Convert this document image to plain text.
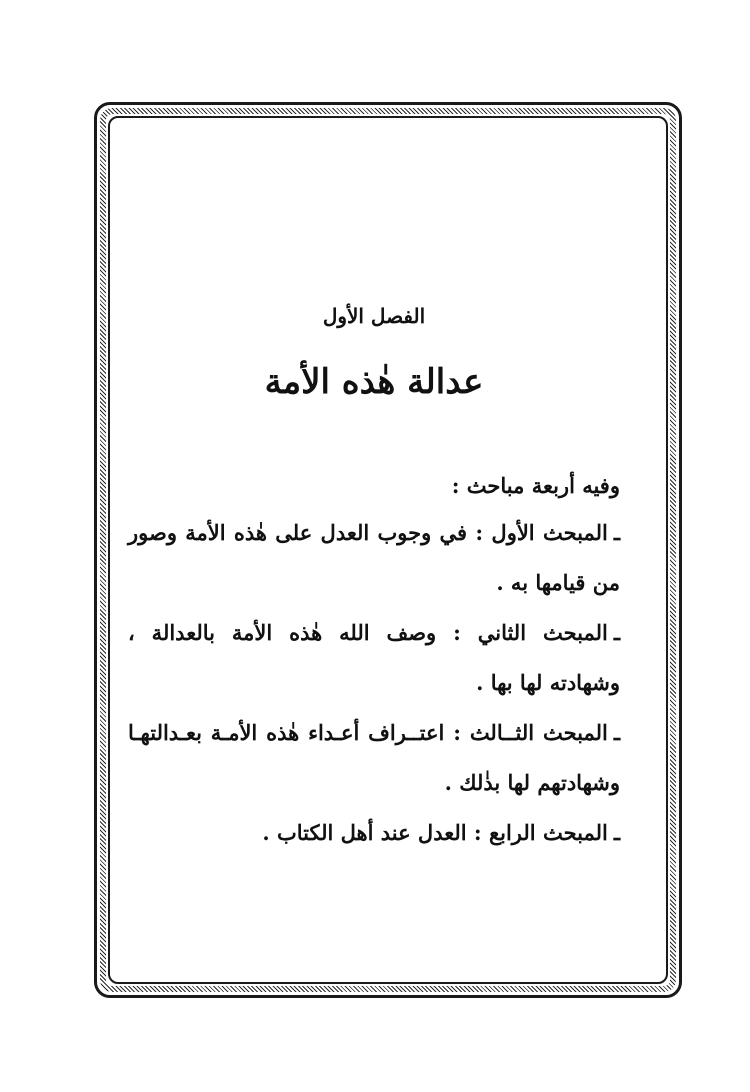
الفصل الأول
عدالة هٰذه الأمة

وفيه أربعة مباحث :

ـالمبحث الأول : في وجوب العدل على هٰذه الأمة وصور من قيامها به .
ـالمبحث الثاني : وصف الله هٰذه الأمة بالعدالة ، وشهادته لها بها .
ـالمبحث الثــالث : اعتــراف أعـداء هٰذه الأمـة بعـدالتهـا وشهادتهم لها بذٰلك .
ـالمبحث الرابع : العدل عند أهل الكتاب .
